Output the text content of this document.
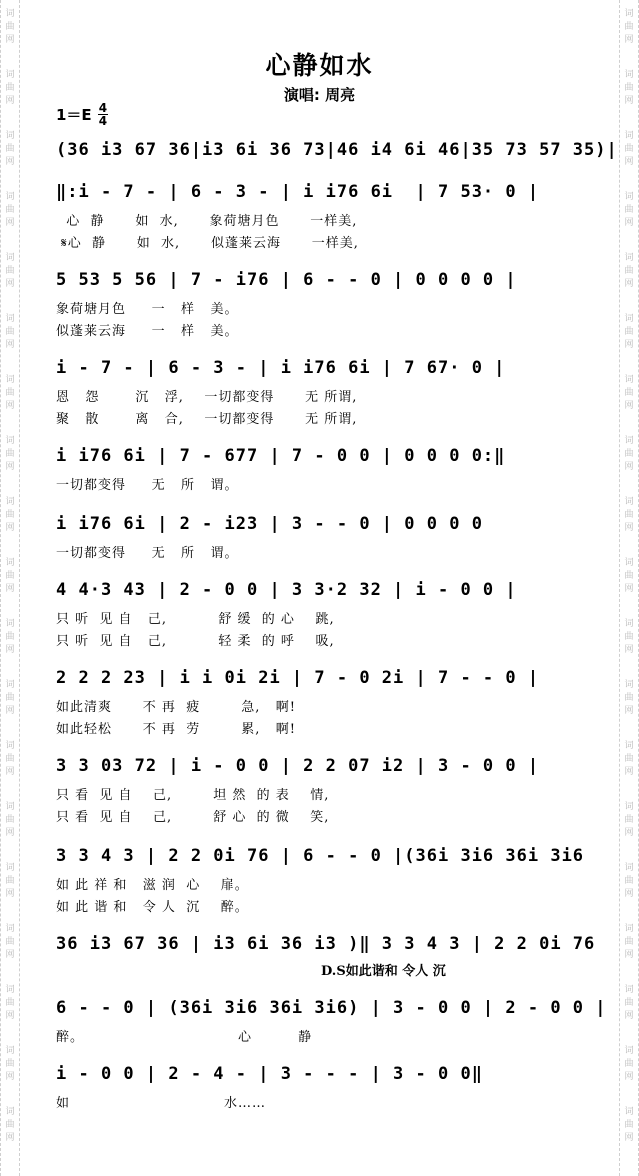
词
曲
网
词
曲
网
词
曲
网
词
曲
网
词
曲
网
词
曲
网
词
曲
网
词
曲
网
词
曲
网
词
曲
网
词
曲
网
词
曲
网
词
曲
网
词
曲
网
词
曲
网
词
曲
网
词
曲
网
词
曲
网
词
曲
网
词
曲
网
词
曲
网
词
曲
网
词
曲
网
词
曲
网
词
曲
网
词
曲
网
词
曲
网
词
曲
网
词
曲
网
词
曲
网
词
曲
网
词
曲
网
词
曲
网
词
曲
网
词
曲
网
词
曲
网
词
曲
网
词
曲
网
心静如水
演唱: 周亮
$1=E \frac{4}{4}$
(36 i3 67 36|i3 6i 36 73|46 i4 6i 46|35 73 57 35)|
‖:i - 7 - | 6 - 3 - | i i76 6i  | 7 53· 0 |
心  静      如  水,      象荷塘月色      一样美,
𝄋心  静      如  水,      似蓬莱云海      一样美,
5 53 5 56 | 7 - i76 | 6 - - 0 | 0 0 0 0 |
象荷塘月色     一   样   美。
似蓬莱云海     一   样   美。
i - 7 - | 6 - 3 - | i i76 6i | 7 67· 0 |
恩   怨       沉   浮,    一切都变得      无 所谓,
聚   散       离   合,    一切都变得      无 所谓,
i i76 6i | 7 - 677 | 7 - 0 0 | 0 0 0 0:‖
一切都变得     无   所   谓。
i i76 6i | 2 - i23 | 3 - - 0 | 0 0 0 0
一切都变得     无   所   谓。
4 4·3 43 | 2 - 0 0 | 3 3·2 32 | i - 0 0 |
只 听  见 自   己,          舒 缓  的 心    跳,
只 听  见 自   己,          轻 柔  的 呼    吸,
2 2 2 23 | i i 0i 2i | 7 - 0 2i | 7 - - 0 |
如此清爽      不 再  疲        急,   啊!
如此轻松      不 再  劳        累,   啊!
3 3 03 72 | i - 0 0 | 2 2 07 i2 | 3 - 0 0 |
只 看  见 自    己,        坦 然  的 表    情,
只 看  见 自    己,        舒 心  的 微    笑,
3 3 4 3 | 2 2 0i 76 | 6 - - 0 |(36i 3i6 36i 3i6
如 此 祥 和   滋 润  心    扉。
如 此 谐 和   令 人  沉    醉。
36 i3 67 36 | i3 6i 36 i3 )‖ 3 3 4 3 | 2 2 0i 76
D.S如此谐和 令人 沉
6 - - 0 | (36i 3i6 36i 3i6) | 3 - 0 0 | 2 - 0 0 |
醉。                              心         静
i - 0 0 | 2 - 4 - | 3 - - - | 3 - 0 0‖
如                              水……
